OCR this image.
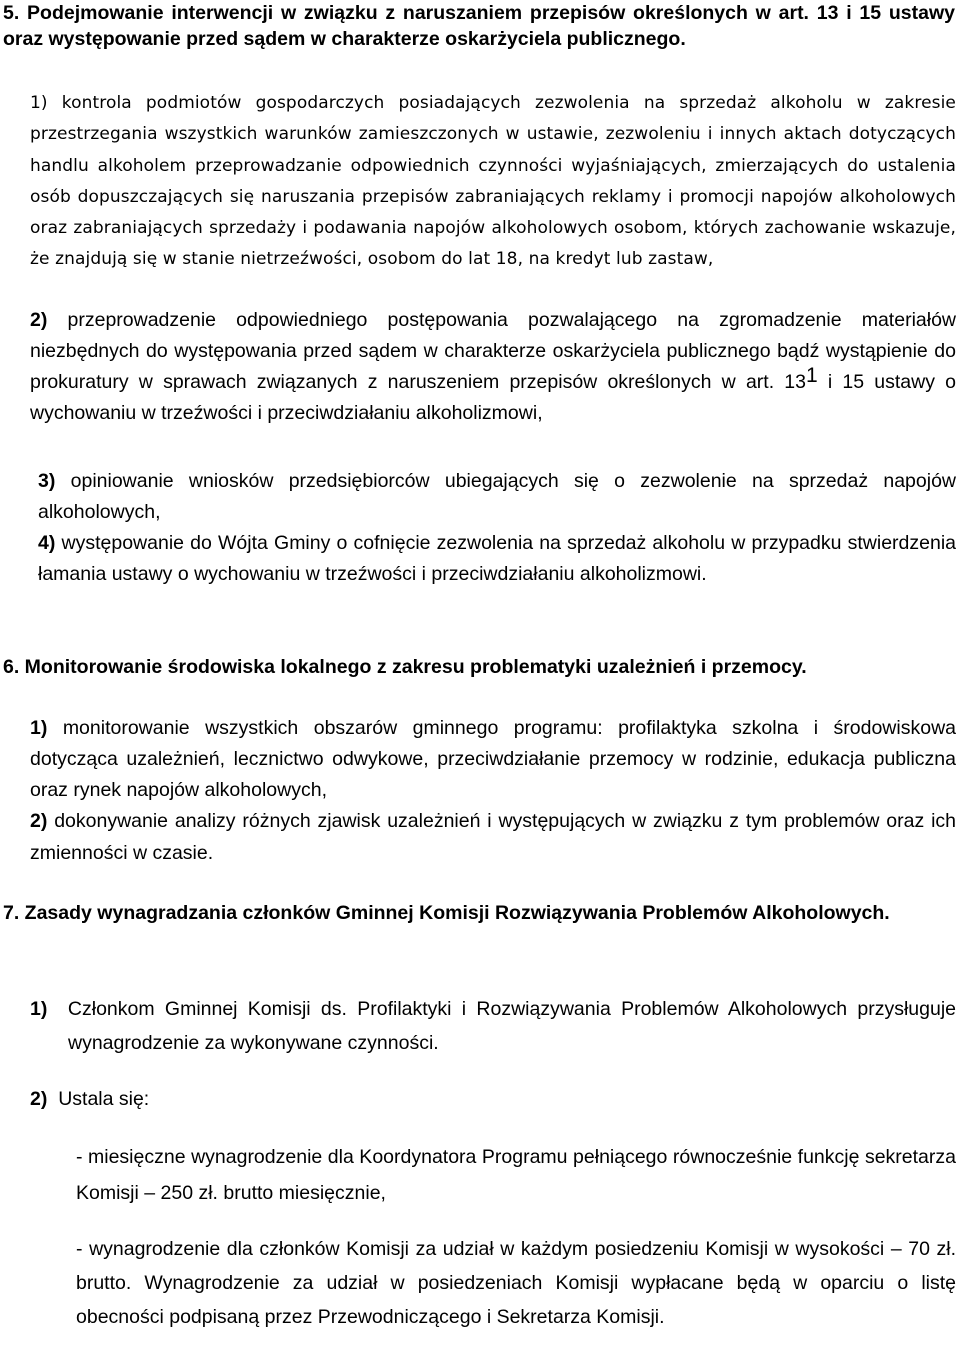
5. Podejmowanie interwencji w związku z naruszaniem przepisów określonych w art. 13 i 15 ustawy oraz występowanie przed sądem w charakterze oskarżyciela publicznego.
1) kontrola podmiotów gospodarczych posiadających zezwolenia na sprzedaż alkoholu w zakresie przestrzegania wszystkich warunków zamieszczonych w ustawie, zezwoleniu i innych aktach dotyczących handlu alkoholem przeprowadzanie odpowiednich czynności wyjaśniających, zmierzających do ustalenia osób dopuszczających się naruszania przepisów zabraniających reklamy i promocji napojów alkoholowych oraz zabraniających sprzedaży i podawania napojów alkoholowych osobom, których zachowanie wskazuje, że znajdują się w stanie nietrzeźwości, osobom do lat 18, na kredyt lub zastaw,
2) przeprowadzenie odpowiedniego postępowania pozwalającego na zgromadzenie materiałów niezbędnych do występowania przed sądem w charakterze oskarżyciela publicznego bądź wystąpienie do prokuratury w sprawach związanych z naruszeniem przepisów określonych w art. $13^1$ i 15 ustawy o wychowaniu w trzeźwości i przeciwdziałaniu alkoholizmowi,
3) opiniowanie wniosków przedsiębiorców ubiegających się o zezwolenie na sprzedaż napojów alkoholowych,
4) występowanie do Wójta Gminy o cofnięcie zezwolenia na sprzedaż alkoholu w przypadku stwierdzenia łamania ustawy o wychowaniu w trzeźwości i przeciwdziałaniu alkoholizmowi.
6. Monitorowanie środowiska lokalnego z zakresu problematyki uzależnień i przemocy.
1) monitorowanie wszystkich obszarów gminnego programu: profilaktyka szkolna i środowiskowa dotycząca uzależnień, lecznictwo odwykowe, przeciwdziałanie przemocy w rodzinie, edukacja publiczna oraz rynek napojów alkoholowych,
2) dokonywanie analizy różnych zjawisk uzależnień i występujących w związku z tym problemów oraz ich zmienności w czasie.
7. Zasady wynagradzania członków Gminnej Komisji Rozwiązywania Problemów Alkoholowych.
1) Członkom Gminnej Komisji ds. Profilaktyki i Rozwiązywania Problemów Alkoholowych przysługuje wynagrodzenie za wykonywane czynności.
2) Ustala się:
- miesięczne wynagrodzenie dla Koordynatora Programu pełniącego równocześnie funkcję sekretarza Komisji – 250 zł. brutto miesięcznie,
- wynagrodzenie dla członków Komisji za udział w każdym posiedzeniu Komisji w wysokości – 70 zł. brutto. Wynagrodzenie za udział w posiedzeniach Komisji wypłacane będą w oparciu o listę obecności podpisaną przez Przewodniczącego i Sekretarza Komisji.
